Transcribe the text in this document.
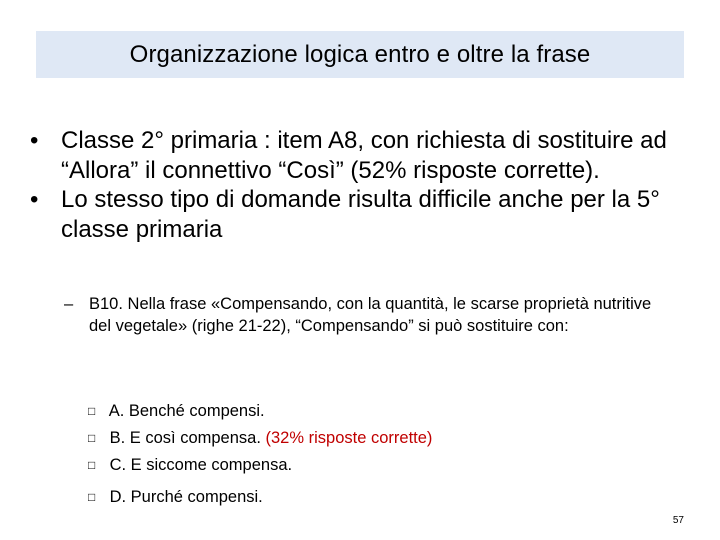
Organizzazione logica entro e oltre la frase
• Classe 2° primaria : item A8, con richiesta di sostituire ad “Allora” il connettivo “Così” (52% risposte corrette).
• Lo stesso tipo di domande risulta difficile anche per la 5° classe primaria
– B10. Nella frase «Compensando, con la quantità, le scarse proprietà nutritive del vegetale» (righe 21-22), “Compensando” si può sostituire con:
□ A. Benché compensi.
□ B. E così compensa. (32% risposte corrette)
□ C. E siccome compensa.
□ D. Purché compensi.
57
